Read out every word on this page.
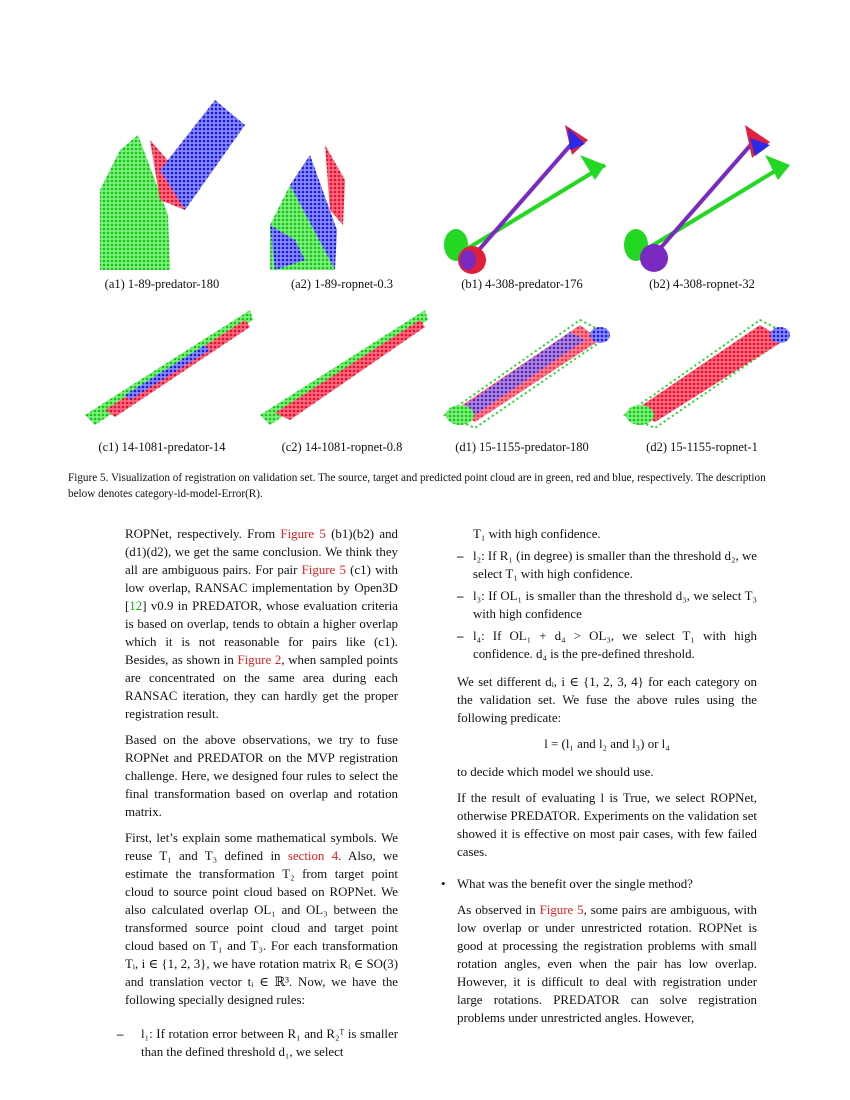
(a1) 1-89-predator-180	(a2) 1-89-ropnet-0.3	(b1) 4-308-predator-176	(b2) 4-308-ropnet-32
(c1) 14-1081-predator-14	(c2) 14-1081-ropnet-0.8	(d1) 15-1155-predator-180	(d2) 15-1155-ropnet-1
Figure 5. Visualization of registration on validation set. The source, target and predicted point cloud are in green, red and blue, respectively. The description below denotes category-id-model-Error(R).

ROPNet, respectively. From Figure 5 (b1)(b2) and (d1)(d2), we get the same conclusion. We think they all are ambiguous pairs. For pair Figure 5 (c1) with low overlap, RANSAC implementation by Open3D [12] v0.9 in PREDATOR, whose evaluation criteria is based on overlap, tends to obtain a higher overlap which it is not reasonable for pairs like (c1). Besides, as shown in Figure 2, when sampled points are concentrated on the same area during each RANSAC iteration, they can hardly get the proper registration result.

Based on the above observations, we try to fuse ROPNet and PREDATOR on the MVP registration challenge. Here, we designed four rules to select the final transformation based on overlap and rotation matrix.

First, let’s explain some mathematical symbols. We reuse T₁ and T₃ defined in section 4. Also, we estimate the transformation T₂ from target point cloud to source point cloud based on ROPNet. We also calculated overlap OL₁ and OL₃ between the transformed source point cloud and target point cloud based on T₁ and T₃. For each transformation Tᵢ, i ∈ {1, 2, 3}, we have rotation matrix Rᵢ ∈ SO(3) and translation vector tᵢ ∈ ℝ³. Now, we have the following specially designed rules:

– l₁: If rotation error between R₁ and R₂ᵀ is smaller than the defined threshold d₁, we select
T₁ with high confidence.
– l₂: If R₁ (in degree) is smaller than the threshold d₂, we select T₁ with high confidence.
– l₃: If OL₁ is smaller than the threshold d₃, we select T₃ with high confidence
– l₄: If OL₁ + d₄ > OL₃, we select T₁ with high confidence. d₄ is the pre-defined threshold.

We set different dᵢ, i ∈ {1, 2, 3, 4} for each category on the validation set. We fuse the above rules using the following predicate:

l = (l₁ and l₂ and l₃) or l₄

to decide which model we should use.

If the result of evaluating l is True, we select ROPNet, otherwise PREDATOR. Experiments on the validation set showed it is effective on most pair cases, with few failed cases.

• What was the benefit over the single method?

As observed in Figure 5, some pairs are ambiguous, with low overlap or under unrestricted rotation. ROPNet is good at processing the registration problems with small rotation angles, even when the pair has low overlap. However, it is difficult to deal with registration under large rotations. PREDATOR can solve registration problems under unrestricted angles. However,
